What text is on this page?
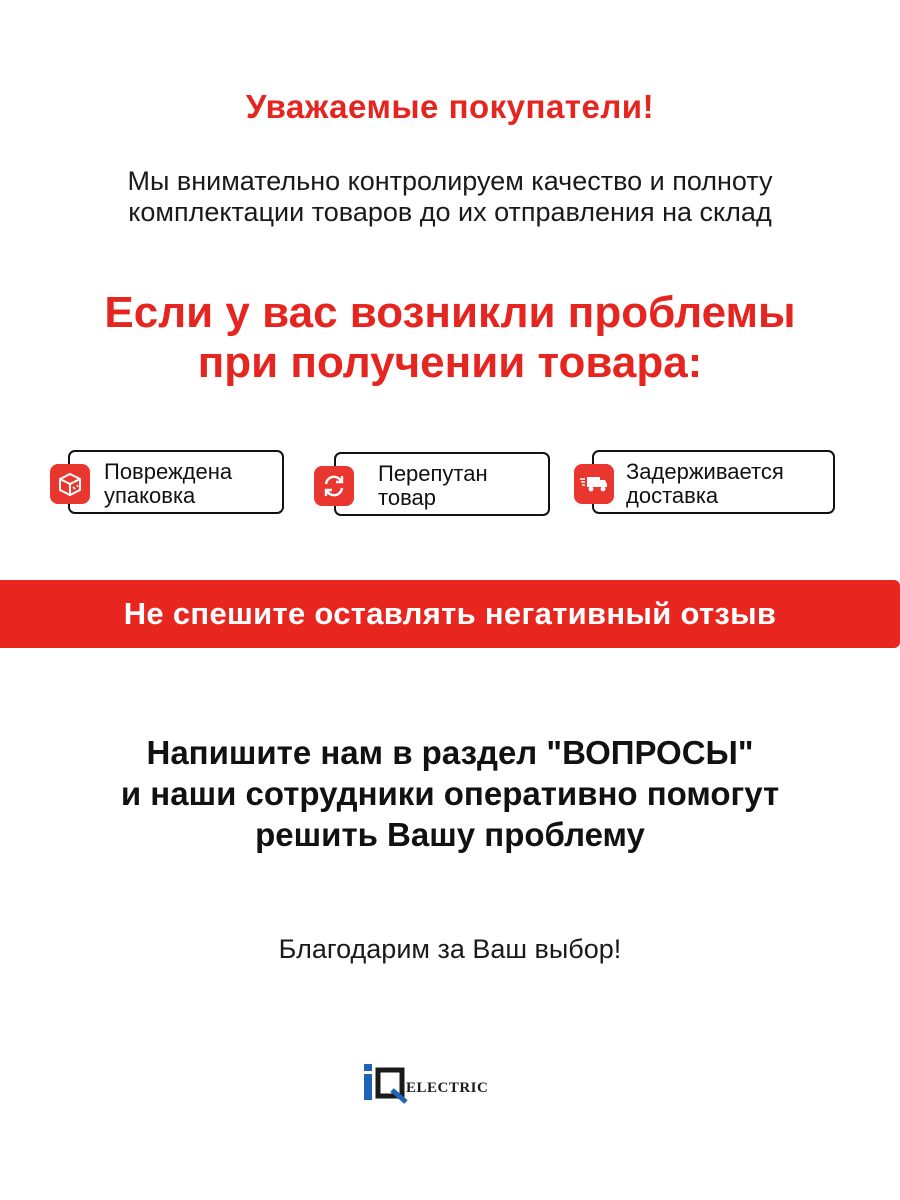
Уважаемые покупатели!
Мы внимательно контролируем качество и полноту
комплектации товаров до их отправления на склад
Если у вас возникли проблемы
при получении товара:
Повреждена
упаковка
Перепутан
товар
Задерживается
доставка
Не спешите оставлять негативный отзыв
Напишите нам в раздел "ВОПРОСЫ"
и наши сотрудники оперативно помогут
решить Вашу проблему
Благодарим за Ваш выбор!
ELECTRIC
